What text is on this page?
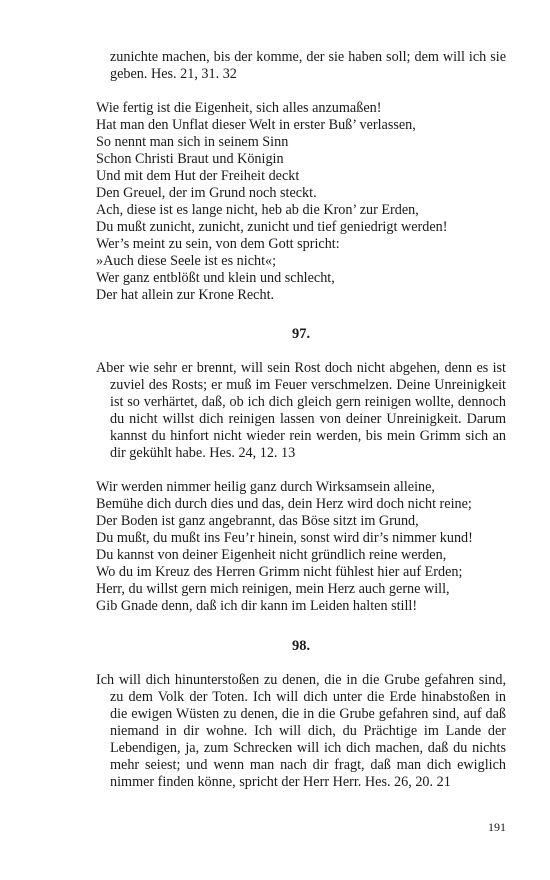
zunichte machen, bis der komme, der sie haben soll; dem will ich sie geben. Hes. 21, 31. 32

Wie fertig ist die Eigenheit, sich alles anzumaßen!
Hat man den Unflat dieser Welt in erster Buß’ verlassen,
So nennt man sich in seinem Sinn
Schon Christi Braut und Königin
Und mit dem Hut der Freiheit deckt
Den Greuel, der im Grund noch steckt.
Ach, diese ist es lange nicht, heb ab die Kron’ zur Erden,
Du mußt zunicht, zunicht, zunicht und tief geniedrigt werden!
Wer’s meint zu sein, von dem Gott spricht:
»Auch diese Seele ist es nicht«;
Wer ganz entblößt und klein und schlecht,
Der hat allein zur Krone Recht.

97.

Aber wie sehr er brennt, will sein Rost doch nicht abgehen, denn es ist zuviel des Rosts; er muß im Feuer verschmelzen. Deine Unreinigkeit ist so verhärtet, daß, ob ich dich gleich gern reinigen wollte, dennoch du nicht willst dich reinigen lassen von deiner Unreinigkeit. Darum kannst du hinfort nicht wieder rein werden, bis mein Grimm sich an dir gekühlt habe. Hes. 24, 12. 13

Wir werden nimmer heilig ganz durch Wirksamsein alleine,
Bemühe dich durch dies und das, dein Herz wird doch nicht reine;
Der Boden ist ganz angebrannt, das Böse sitzt im Grund,
Du mußt, du mußt ins Feu’r hinein, sonst wird dir’s nimmer kund!
Du kannst von deiner Eigenheit nicht gründlich reine werden,
Wo du im Kreuz des Herren Grimm nicht fühlest hier auf Erden;
Herr, du willst gern mich reinigen, mein Herz auch gerne will,
Gib Gnade denn, daß ich dir kann im Leiden halten still!

98.

Ich will dich hinunterstoßen zu denen, die in die Grube gefahren sind, zu dem Volk der Toten. Ich will dich unter die Erde hinabstoßen in die ewigen Wüsten zu denen, die in die Grube gefahren sind, auf daß niemand in dir wohne. Ich will dich, du Prächtige im Lande der Lebendigen, ja, zum Schrecken will ich dich machen, daß du nichts mehr seiest; und wenn man nach dir fragt, daß man dich ewiglich nimmer finden könne, spricht der Herr Herr. Hes. 26, 20. 21

191
